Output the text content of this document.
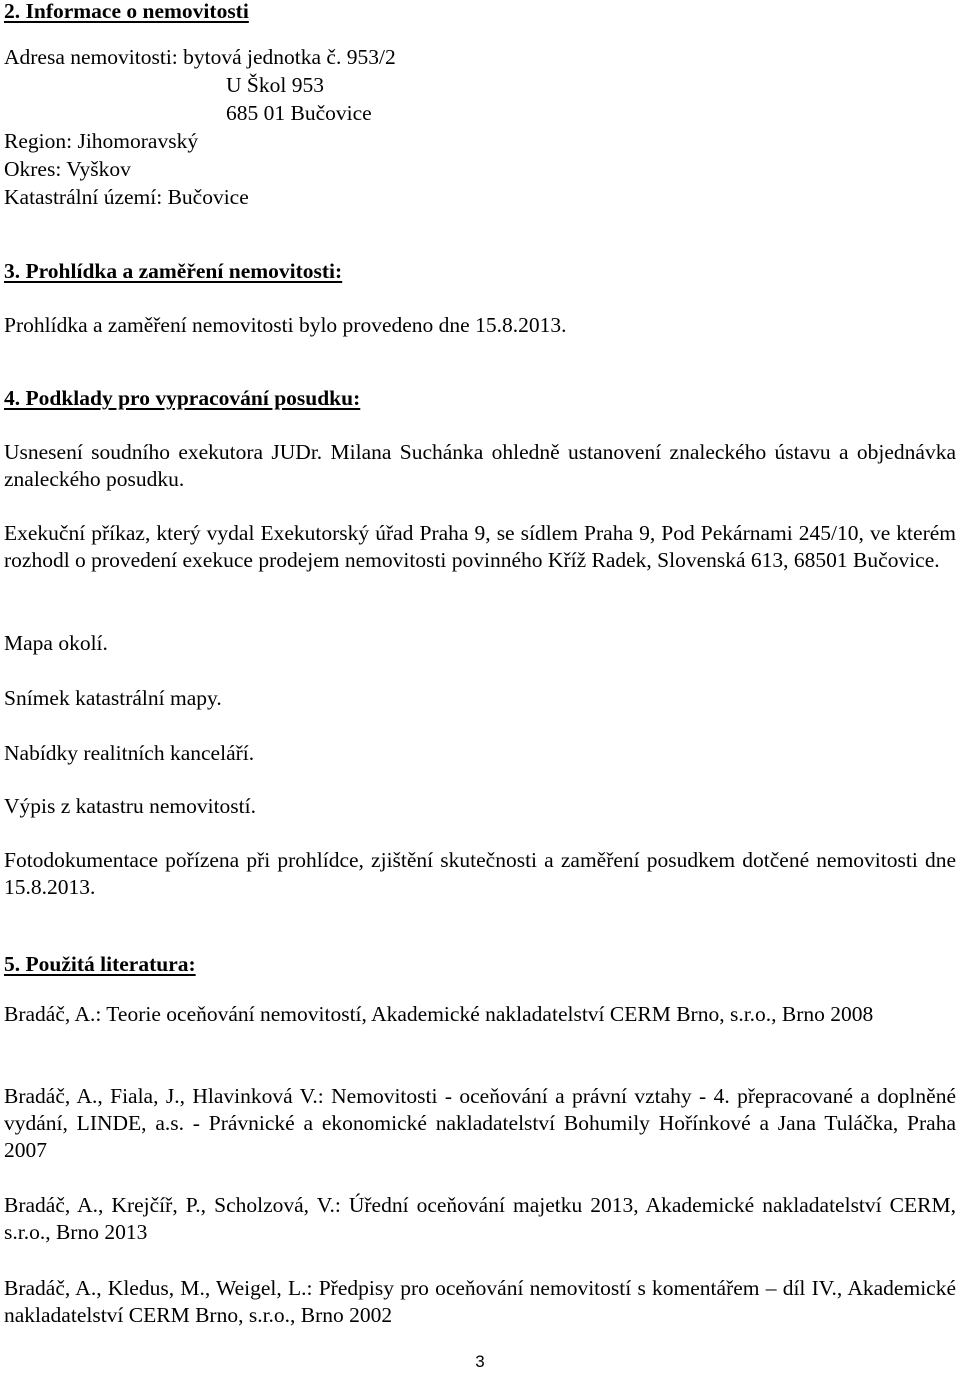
2. Informace o nemovitosti
Adresa nemovitosti: bytová jednotka č. 953/2
U Škol 953
685 01 Bučovice
Region: Jihomoravský
Okres: Vyškov
Katastrální území: Bučovice
3. Prohlídka a zaměření nemovitosti:
Prohlídka a zaměření nemovitosti bylo provedeno dne 15.8.2013.
4. Podklady pro vypracování posudku:
Usnesení soudního exekutora JUDr. Milana Suchánka ohledně ustanovení znaleckého ústavu a objednávka znaleckého posudku.
Exekuční příkaz, který vydal Exekutorský úřad Praha 9, se sídlem Praha 9, Pod Pekárnami 245/10, ve kterém rozhodl o provedení exekuce prodejem nemovitosti povinného Kříž Radek, Slovenská 613, 68501 Bučovice.
Mapa okolí.
Snímek katastrální mapy.
Nabídky realitních kanceláří.
Výpis z katastru nemovitostí.
Fotodokumentace pořízena při prohlídce, zjištění skutečnosti a zaměření posudkem dotčené nemovitosti dne 15.8.2013.
5. Použitá literatura:
Bradáč, A.: Teorie oceňování nemovitostí, Akademické nakladatelství CERM Brno, s.r.o., Brno 2008
Bradáč, A., Fiala, J., Hlavinková V.: Nemovitosti - oceňování a právní vztahy - 4. přepracované a doplněné vydání, LINDE, a.s. - Právnické a ekonomické nakladatelství Bohumily Hořínkové a Jana Tuláčka, Praha 2007
Bradáč, A., Krejčíř, P., Scholzová, V.: Úřední oceňování majetku 2013, Akademické nakladatelství CERM, s.r.o., Brno 2013
Bradáč, A., Kledus, M., Weigel, L.: Předpisy pro oceňování nemovitostí s komentářem – díl IV., Akademické nakladatelství CERM Brno, s.r.o., Brno 2002
3
